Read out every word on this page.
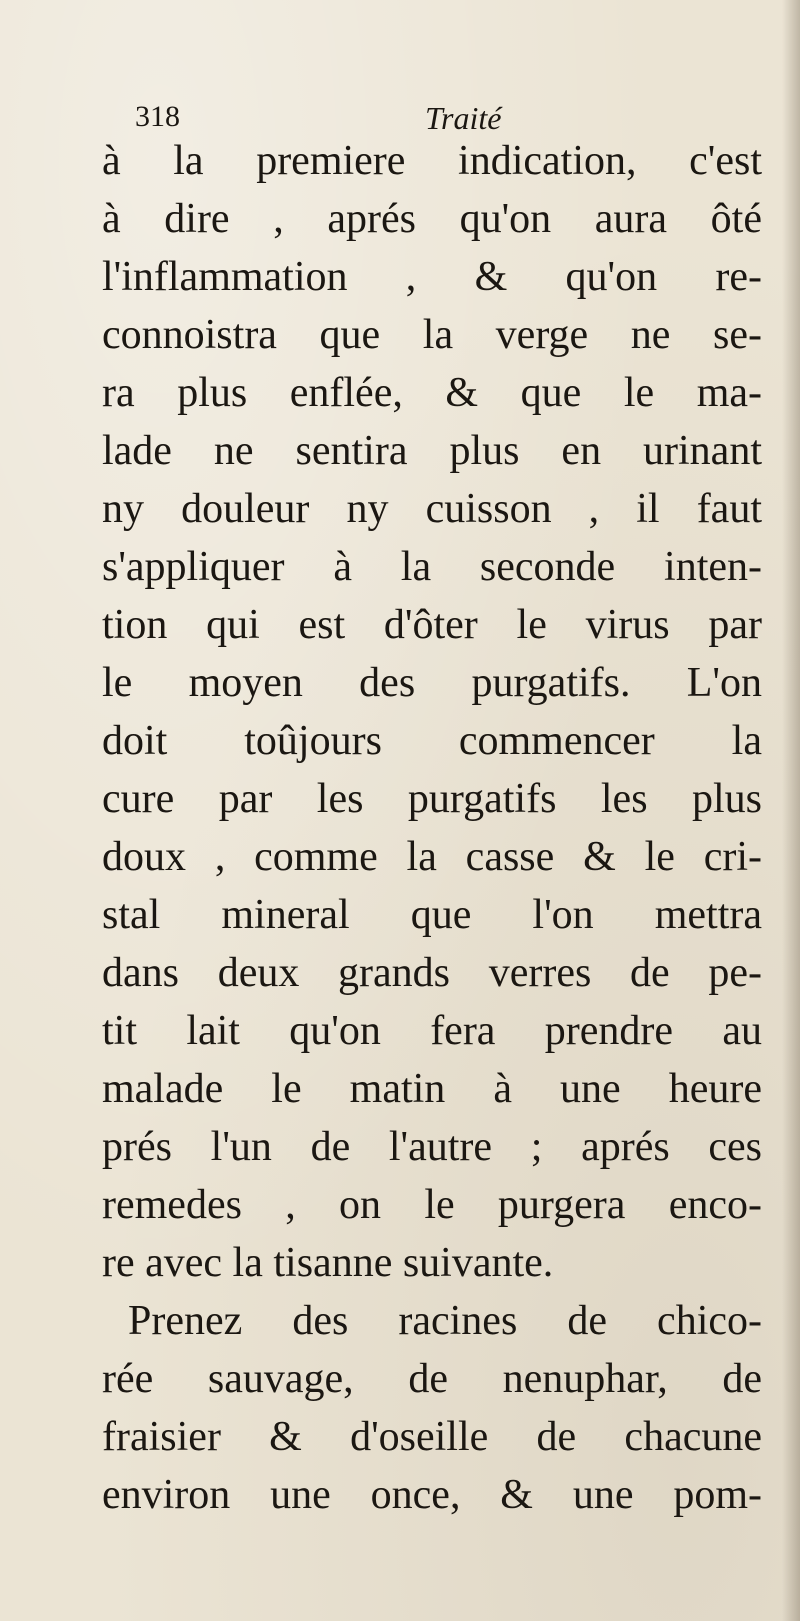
318	Traité
à la premiere indication, c'est
à dire , aprés qu'on aura ôté
l'inflammation , & qu'on re-
connoistra que la verge ne se-
ra plus enflée, & que le ma-
lade ne sentira plus en urinant
ny douleur ny cuisson , il faut
s'appliquer à la seconde inten-
tion qui est d'ôter le virus par
le moyen des purgatifs. L'on
doit toûjours commencer la
cure par les purgatifs les plus
doux , comme la casse & le cri-
stal mineral que l'on mettra
dans deux grands verres de pe-
tit lait qu'on fera prendre au
malade le matin à une heure
prés l'un de l'autre ; aprés ces
remedes , on le purgera enco-
re avec la tisanne suivante.
Prenez des racines de chico-
rée sauvage, de nenuphar, de
fraisier & d'oseille de chacune
environ une once, & une pom-
